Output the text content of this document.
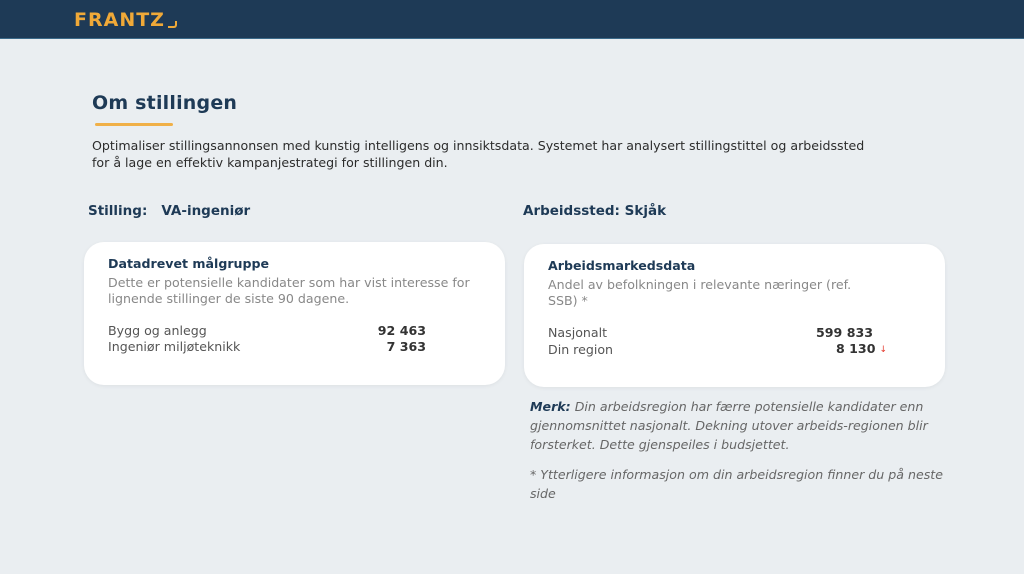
FRANTZ
Om stillingen

Optimaliser stillingsannonsen med kunstig intelligens og innsiktsdata. Systemet har analysert stillingstittel og arbeidssted for å lage en effektiv kampanjestrategi for stillingen din.

Stilling: VA-ingeniør	Arbeidssted: Skjåk
Datadrevet målgruppe
Dette er potensielle kandidater som har vist interesse for lignende stillinger de siste 90 dagene.
Bygg og anlegg	92 463
Ingeniør miljøteknikk	7 363
Arbeidsmarkedsdata
Andel av befolkningen i relevante næringer (ref. SSB) *
Nasjonalt	599 833
Din region	8 130 ↓

Merk: Din arbeidsregion har færre potensielle kandidater enn gjennomsnittet nasjonalt. Dekning utover arbeids-regionen blir forsterket. Dette gjenspeiles i budsjettet.

* Ytterligere informasjon om din arbeidsregion finner du på neste side
